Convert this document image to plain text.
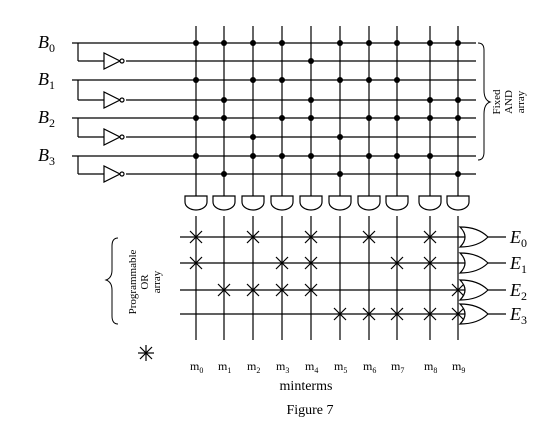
$E_0$
$E_1$
$E_2$
$E_3$
$B_0$
$B_1$
$B_2$
$B_3$
$m_0$ $m_1$ $m_2$ $m_3$ $m_4$ $m_5$ $m_6$ $m_7$ $m_8$ $m_9$
Fixed AND array
Programmable OR array
minterms
Figure 7
